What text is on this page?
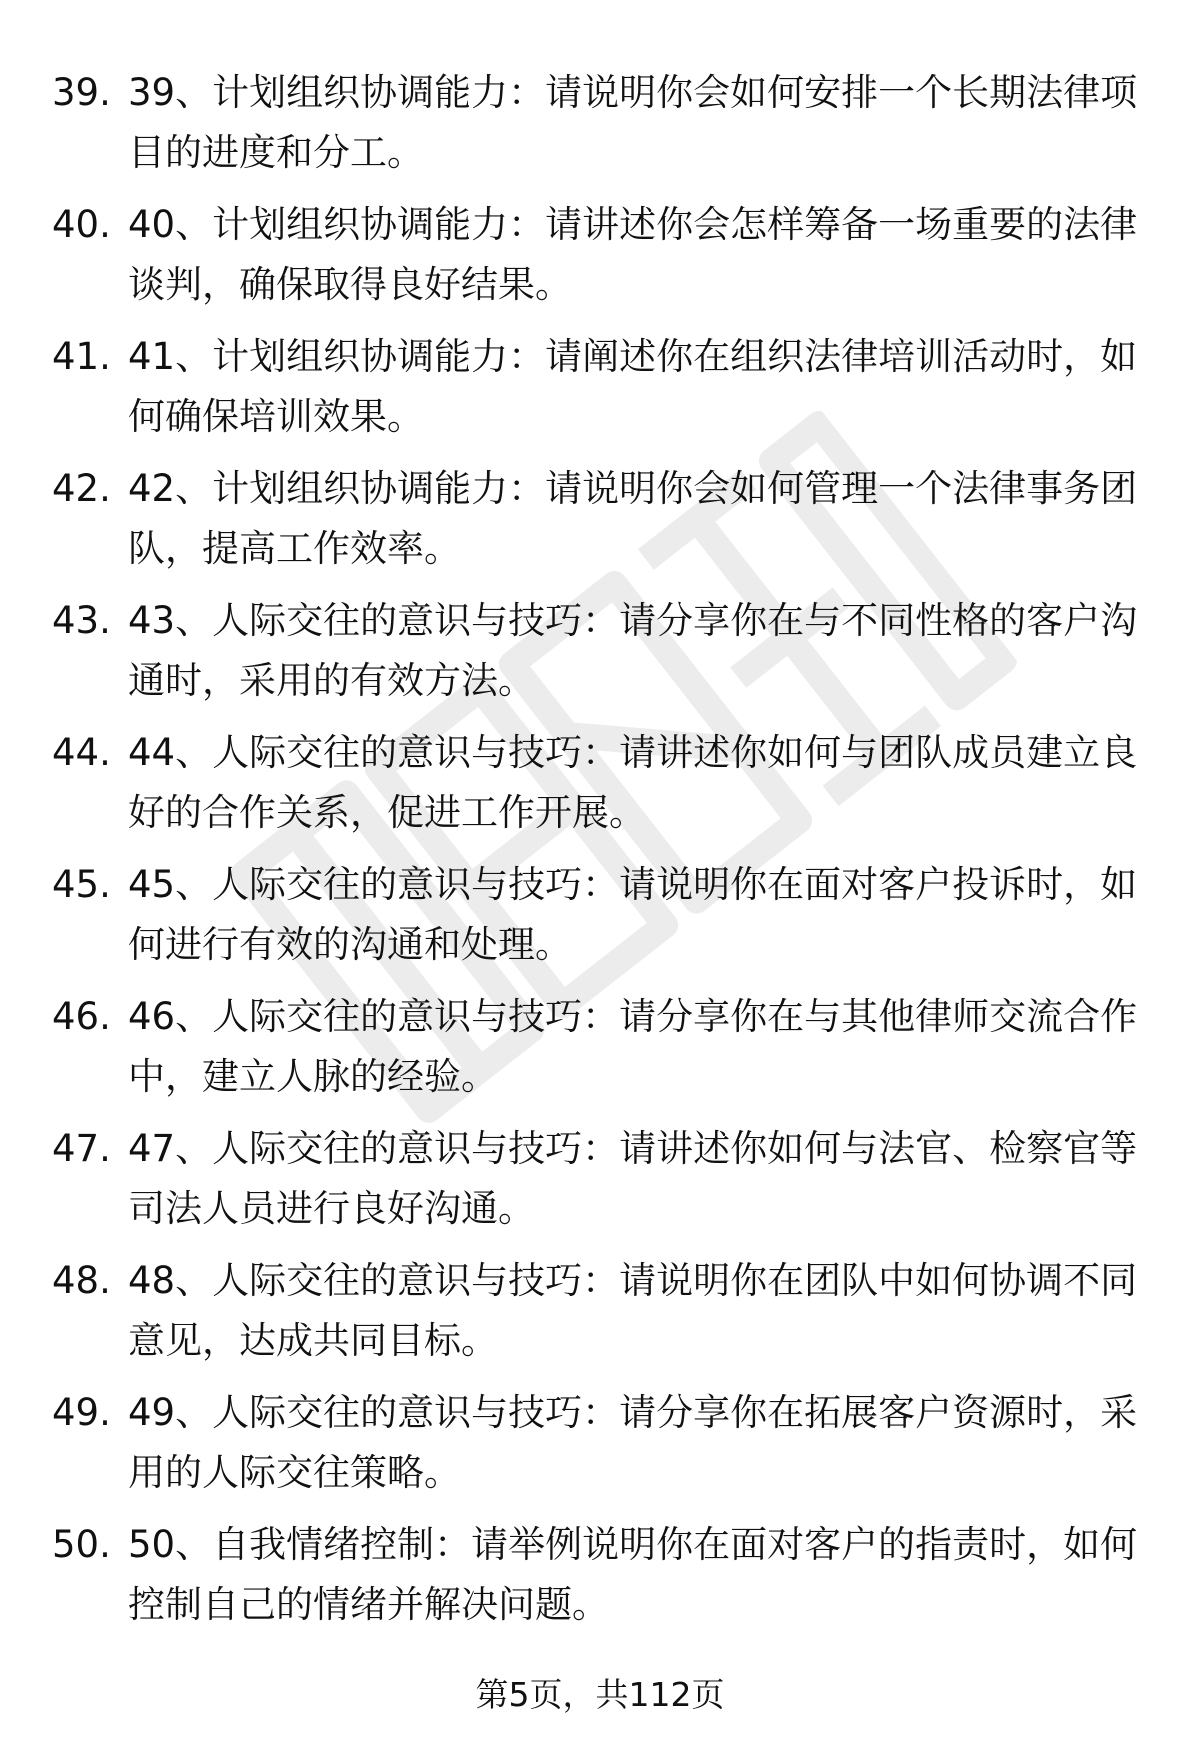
39. 39、计划组织协调能力：请说明你会如何安排一个长期法律项目的进度和分工。
40. 40、计划组织协调能力：请讲述你会怎样筹备一场重要的法律谈判，确保取得良好结果。
41. 41、计划组织协调能力：请阐述你在组织法律培训活动时，如何确保培训效果。
42. 42、计划组织协调能力：请说明你会如何管理一个法律事务团队，提高工作效率。
43. 43、人际交往的意识与技巧：请分享你在与不同性格的客户沟通时，采用的有效方法。
44. 44、人际交往的意识与技巧：请讲述你如何与团队成员建立良好的合作关系，促进工作开展。
45. 45、人际交往的意识与技巧：请说明你在面对客户投诉时，如何进行有效的沟通和处理。
46. 46、人际交往的意识与技巧：请分享你在与其他律师交流合作中，建立人脉的经验。
47. 47、人际交往的意识与技巧：请讲述你如何与法官、检察官等司法人员进行良好沟通。
48. 48、人际交往的意识与技巧：请说明你在团队中如何协调不同意见，达成共同目标。
49. 49、人际交往的意识与技巧：请分享你在拓展客户资源时，采用的人际交往策略。
50. 50、自我情绪控制：请举例说明你在面对客户的指责时，如何控制自己的情绪并解决问题。
第5页，共112页
